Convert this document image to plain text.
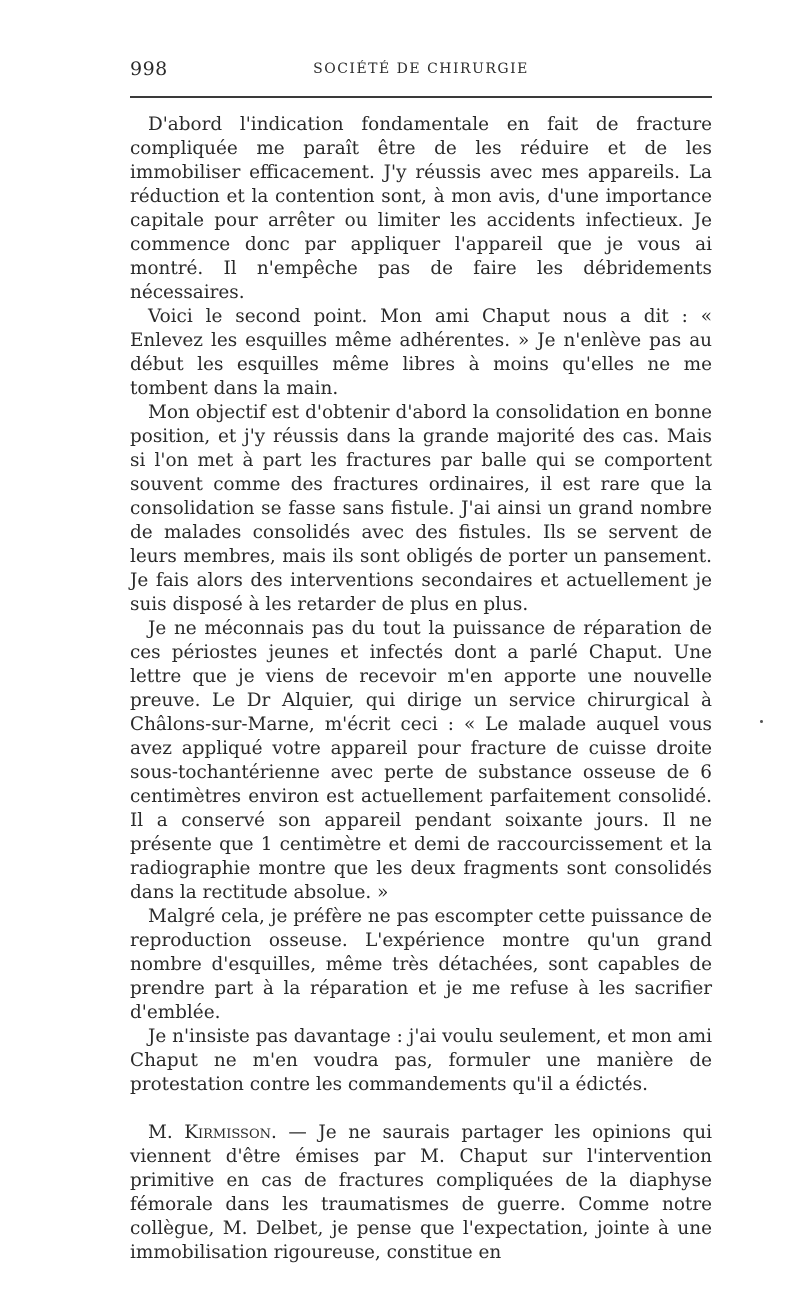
998	SOCIÉTÉ DE CHIRURGIE

D'abord l'indication fondamentale en fait de fracture compliquée me paraît être de les réduire et de les immobiliser efficacement. J'y réussis avec mes appareils. La réduction et la contention sont, à mon avis, d'une importance capitale pour arrêter ou limiter les accidents infectieux. Je commence donc par appliquer l'appareil que je vous ai montré. Il n'empêche pas de faire les débridements nécessaires.

Voici le second point. Mon ami Chaput nous a dit : « Enlevez les esquilles même adhérentes. » Je n'enlève pas au début les esquilles même libres à moins qu'elles ne me tombent dans la main.

Mon objectif est d'obtenir d'abord la consolidation en bonne position, et j'y réussis dans la grande majorité des cas. Mais si l'on met à part les fractures par balle qui se comportent souvent comme des fractures ordinaires, il est rare que la consolidation se fasse sans fistule. J'ai ainsi un grand nombre de malades consolidés avec des fistules. Ils se servent de leurs membres, mais ils sont obligés de porter un pansement. Je fais alors des interventions secondaires et actuellement je suis disposé à les retarder de plus en plus.

Je ne méconnais pas du tout la puissance de réparation de ces périostes jeunes et infectés dont a parlé Chaput. Une lettre que je viens de recevoir m'en apporte une nouvelle preuve. Le Dr Alquier, qui dirige un service chirurgical à Châlons-sur-Marne, m'écrit ceci : « Le malade auquel vous avez appliqué votre appareil pour fracture de cuisse droite sous-tochantérienne avec perte de substance osseuse de 6 centimètres environ est actuellement parfaitement consolidé. Il a conservé son appareil pendant soixante jours. Il ne présente que 1 centimètre et demi de raccourcissement et la radiographie montre que les deux fragments sont consolidés dans la rectitude absolue. »

Malgré cela, je préfère ne pas escompter cette puissance de reproduction osseuse. L'expérience montre qu'un grand nombre d'esquilles, même très détachées, sont capables de prendre part à la réparation et je me refuse à les sacrifier d'emblée.

Je n'insiste pas davantage : j'ai voulu seulement, et mon ami Chaput ne m'en voudra pas, formuler une manière de protestation contre les commandements qu'il a édictés.

M. Kirmisson. — Je ne saurais partager les opinions qui viennent d'être émises par M. Chaput sur l'intervention primitive en cas de fractures compliquées de la diaphyse fémorale dans les traumatismes de guerre. Comme notre collègue, M. Delbet, je pense que l'expectation, jointe à une immobilisation rigoureuse, constitue en
